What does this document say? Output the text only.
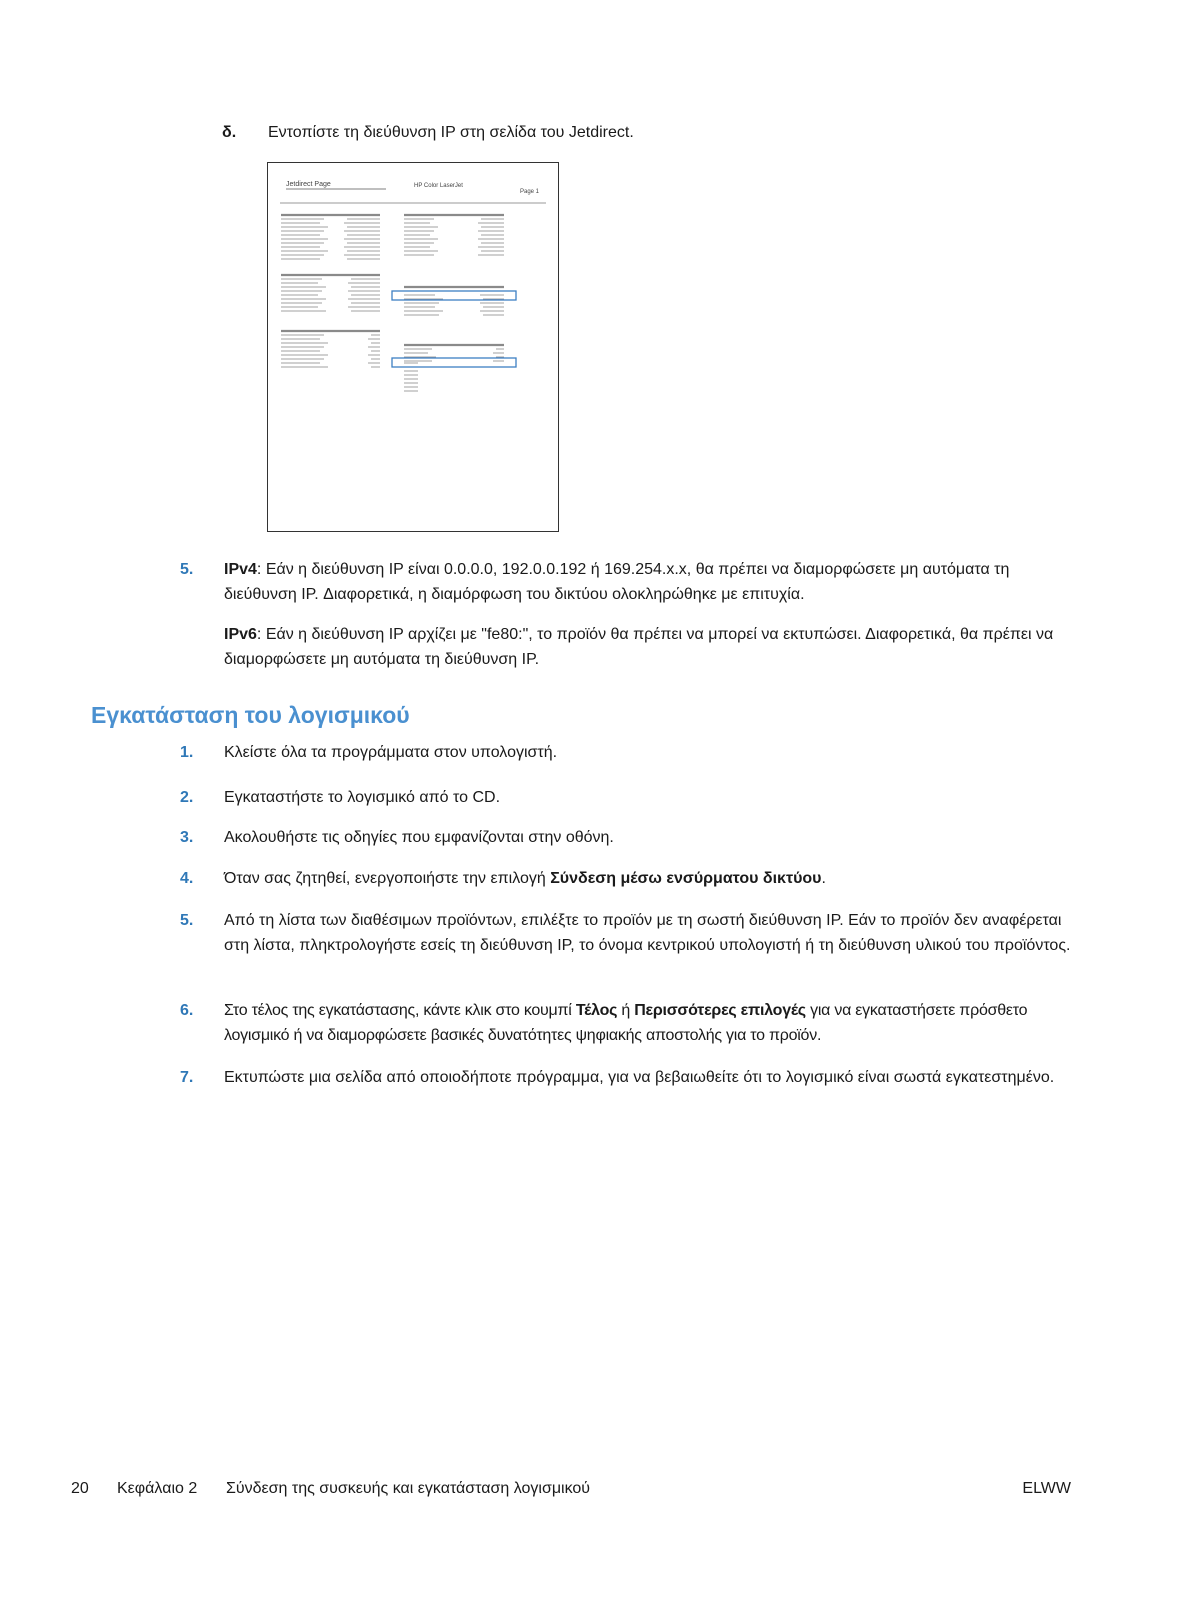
δ. Εντοπίστε τη διεύθυνση IP στη σελίδα του Jetdirect.
Jetdirect Page	HP Color LaserJet
Page 1
5. IPv4: Εάν η διεύθυνση IP είναι 0.0.0.0, 192.0.0.192 ή 169.254.x.x, θα πρέπει να διαμορφώσετε μη αυτόματα τη διεύθυνση IP. Διαφορετικά, η διαμόρφωση του δικτύου ολοκληρώθηκε με επιτυχία.
IPv6: Εάν η διεύθυνση IP αρχίζει με "fe80:", το προϊόν θα πρέπει να μπορεί να εκτυπώσει. Διαφορετικά, θα πρέπει να διαμορφώσετε μη αυτόματα τη διεύθυνση IP.
Εγκατάσταση του λογισμικού
1. Κλείστε όλα τα προγράμματα στον υπολογιστή.
2. Εγκαταστήστε το λογισμικό από το CD.
3. Ακολουθήστε τις οδηγίες που εμφανίζονται στην οθόνη.
4. Όταν σας ζητηθεί, ενεργοποιήστε την επιλογή Σύνδεση μέσω ενσύρματου δικτύου.
5. Από τη λίστα των διαθέσιμων προϊόντων, επιλέξτε το προϊόν με τη σωστή διεύθυνση IP. Εάν το προϊόν δεν αναφέρεται στη λίστα, πληκτρολογήστε εσείς τη διεύθυνση IP, το όνομα κεντρικού υπολογιστή ή τη διεύθυνση υλικού του προϊόντος.
6. Στο τέλος της εγκατάστασης, κάντε κλικ στο κουμπί Τέλος ή Περισσότερες επιλογές για να εγκαταστήσετε πρόσθετο λογισμικό ή να διαμορφώσετε βασικές δυνατότητες ψηφιακής αποστολής για το προϊόν.
7. Εκτυπώστε μια σελίδα από οποιοδήποτε πρόγραμμα, για να βεβαιωθείτε ότι το λογισμικό είναι σωστά εγκατεστημένο.
20 Κεφάλαιο 2 Σύνδεση της συσκευής και εγκατάσταση λογισμικού	ELWW
